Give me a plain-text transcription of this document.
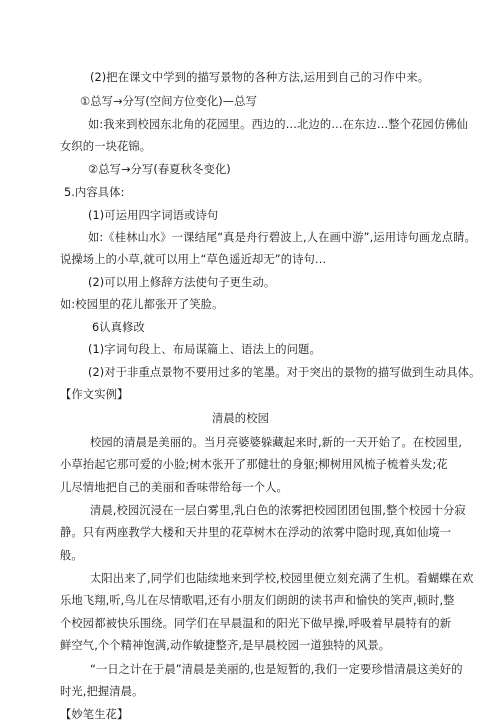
(2)把在课文中学到的描写景物的各种方法,运用到自己的习作中来。
①总写→分写(空间方位变化)—总写
如:我来到校园东北角的花园里。西边的…北边的…在东边…整个花园仿佛仙
女织的一块花锦。
②总写→分写(春夏秋冬变化)
5.内容具体:
(1)可运用四字词语或诗句
如:《桂林山水》一课结尾“真是舟行碧波上,人在画中游”,运用诗句画龙点睛。
说操场上的小草,就可以用上“草色遥近却无”的诗句…
(2)可以用上修辞方法使句子更生动。
如:校园里的花儿都张开了笑脸。
6认真修改
(1)字词句段上、布局谋篇上、语法上的问题。
(2)对于非重点景物不要用过多的笔墨。对于突出的景物的描写做到生动具体。
【作文实例】
清晨的校园
校园的清晨是美丽的。当月亮婆婆躲藏起来时,新的一天开始了。在校园里,
小草抬起它那可爱的小脸;树木张开了那健壮的身躯;柳树用风梳子梳着头发;花
儿尽情地把自己的美丽和香味带给每一个人。
清晨,校园沉浸在一层白雾里,乳白色的浓雾把校园团团包围,整个校园十分寂
静。只有两座教学大楼和天井里的花草树木在浮动的浓雾中隐时现,真如仙境一
般。
太阳出来了,同学们也陆续地来到学校,校园里便立刻充满了生机。看蝴蝶在欢
乐地飞翔,听,鸟儿在尽情歌唱,还有小朋友们朗朗的读书声和愉快的笑声,顿时,整
个校园都被快乐围绕。同学们在早晨温和的阳光下做早操,呼吸着早晨特有的新
鲜空气,个个精神饱满,动作敏捷整齐,是早晨校园一道独特的风景。
“一日之计在于晨”清晨是美丽的,也是短暂的,我们一定要珍惜清晨这美好的
时光,把握清晨。
【妙笔生花】
